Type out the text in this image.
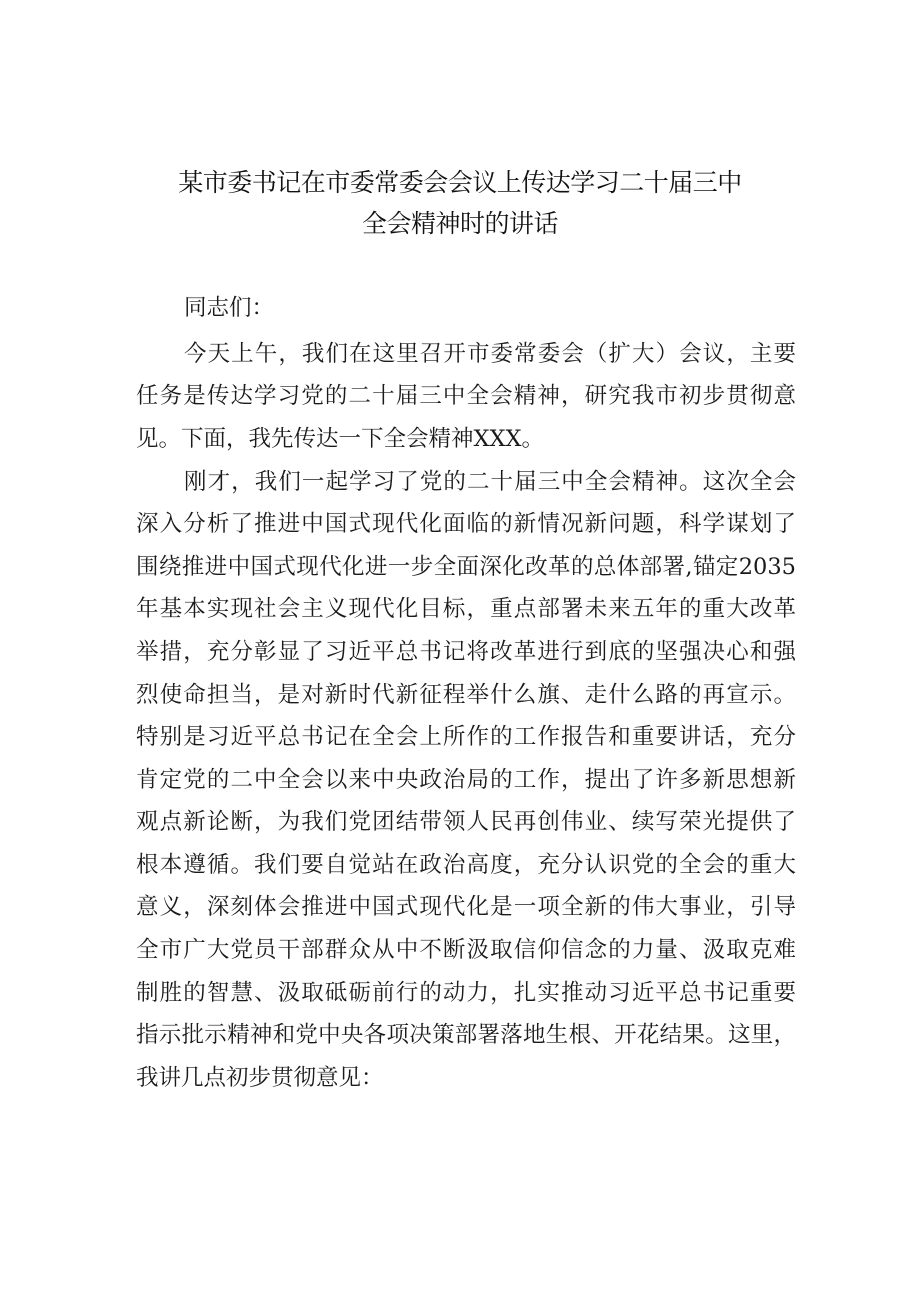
某市委书记在市委常委会会议上传达学习二十届三中
全会精神时的讲话
同志们：
今天上午，我们在这里召开市委常委会（扩大）会议，主要
任务是传达学习党的二十届三中全会精神，研究我市初步贯彻意
见。下面，我先传达一下全会精神XXX。
刚才，我们一起学习了党的二十届三中全会精神。这次全会
深入分析了推进中国式现代化面临的新情况新问题，科学谋划了
围绕推进中国式现代化进一步全面深化改革的总体部署,锚定2035
年基本实现社会主义现代化目标，重点部署未来五年的重大改革
举措，充分彰显了习近平总书记将改革进行到底的坚强决心和强
烈使命担当，是对新时代新征程举什么旗、走什么路的再宣示。
特别是习近平总书记在全会上所作的工作报告和重要讲话，充分
肯定党的二中全会以来中央政治局的工作，提出了许多新思想新
观点新论断，为我们党团结带领人民再创伟业、续写荣光提供了
根本遵循。我们要自觉站在政治高度，充分认识党的全会的重大
意义，深刻体会推进中国式现代化是一项全新的伟大事业，引导
全市广大党员干部群众从中不断汲取信仰信念的力量、汲取克难
制胜的智慧、汲取砥砺前行的动力，扎实推动习近平总书记重要
指示批示精神和党中央各项决策部署落地生根、开花结果。这里，
我讲几点初步贯彻意见：
